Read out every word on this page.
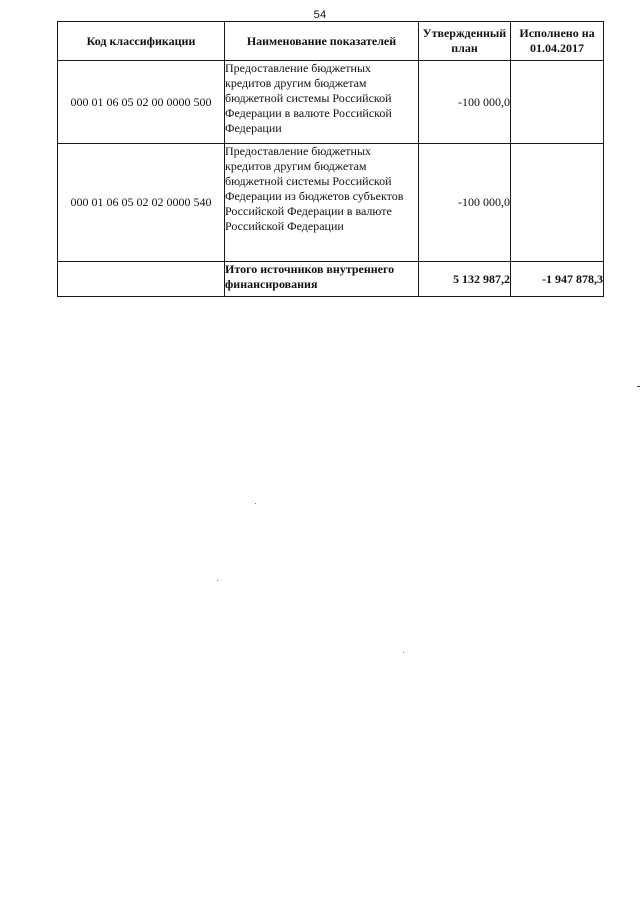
54
Код классификации	Наименование показателей	Утвержденный план	Исполнено на 01.04.2017
000 01 06 05 02 00 0000 500	Предоставление бюджетных кредитов другим бюджетам бюджетной системы Российской Федерации в валюте Российской Федерации	-100 000,0	
000 01 06 05 02 02 0000 540	Предоставление бюджетных кредитов другим бюджетам бюджетной системы Российской Федерации из бюджетов субъектов Российской Федерации в валюте Российской Федерации	-100 000,0	
	Итого источников внутреннего финансирования	5 132 987,2	-1 947 878,3
